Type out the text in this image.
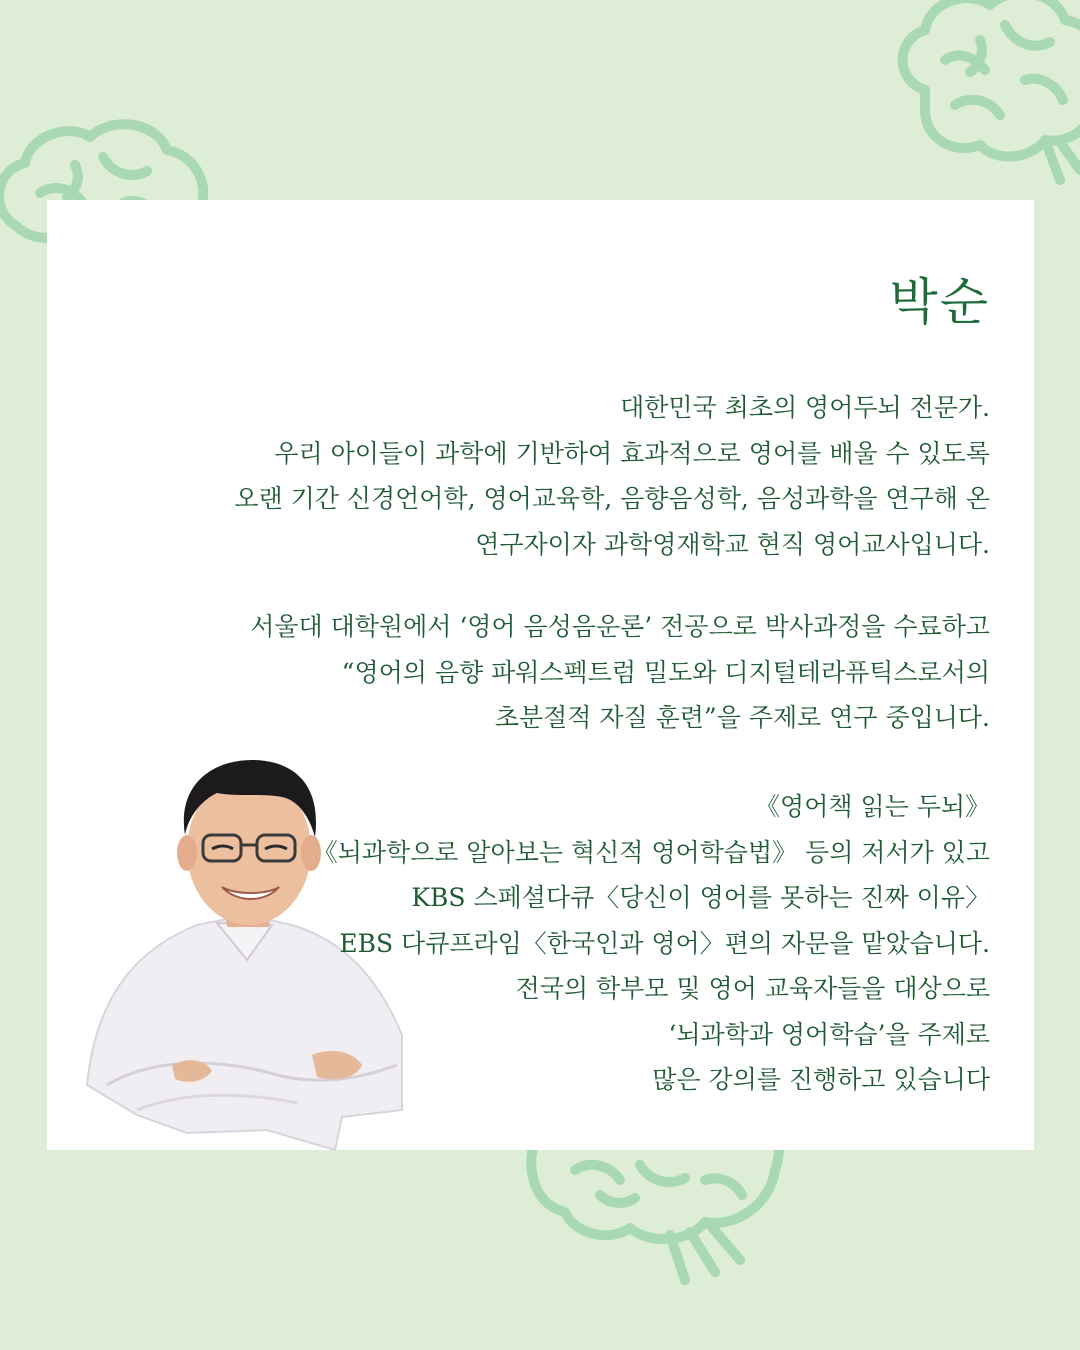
박순
대한민국 최초의 영어두뇌 전문가.
우리 아이들이 과학에 기반하여 효과적으로 영어를 배울 수 있도록
오랜 기간 신경언어학, 영어교육학, 음향음성학, 음성과학을 연구해 온
연구자이자 과학영재학교 현직 영어교사입니다.
서울대 대학원에서 ‘영어 음성음운론’ 전공으로 박사과정을 수료하고
“영어의 음향 파워스펙트럼 밀도와 디지털테라퓨틱스로서의
초분절적 자질 훈련”을 주제로 연구 중입니다.
《영어책 읽는 두뇌》
《뇌과학으로 알아보는 혁신적 영어학습법》 등의 저서가 있고
KBS 스페셜다큐〈당신이 영어를 못하는 진짜 이유〉
EBS 다큐프라임〈한국인과 영어〉편의 자문을 맡았습니다.
전국의 학부모 및 영어 교육자들을 대상으로
‘뇌과학과 영어학습’을 주제로
많은 강의를 진행하고 있습니다
